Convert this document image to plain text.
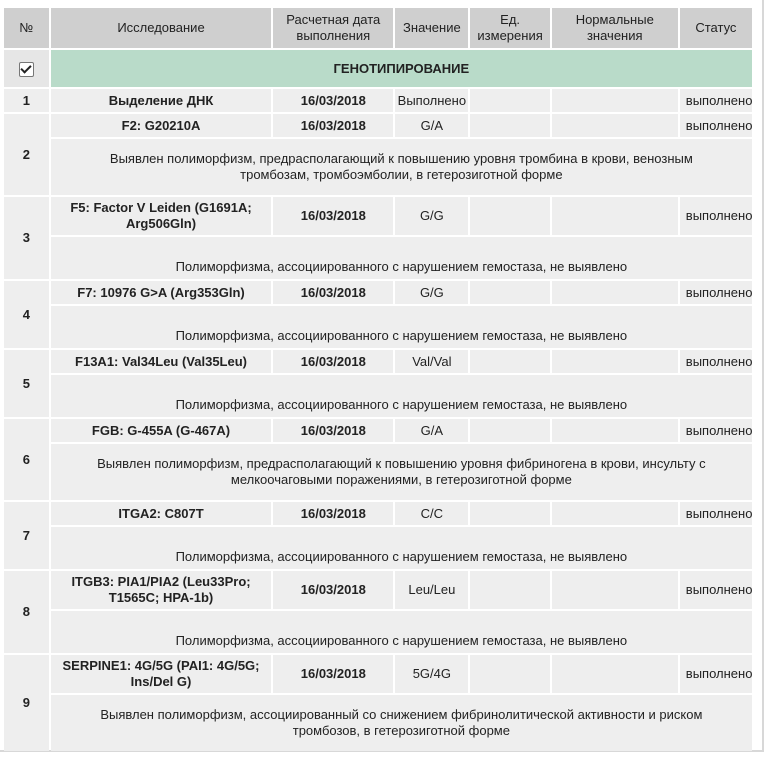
№	Исследование	Расчетная дата выполнения	Значение	Ед. измерения	Нормальные значения	Статус
	ГЕНОТИПИРОВАНИЕ					
1	Выделение ДНК	16/03/2018	Выполнено			выполнено
2	F2: G20210A	16/03/2018	G/A			выполнено
	Выявлен полиморфизм, предрасполагающий к повышению уровня тромбина в крови, венозным тромбозам, тромбоэмболии, в гетерозиготной форме					
3	F5: Factor V Leiden (G1691A; Arg506Gln)	16/03/2018	G/G			выполнено
	Полиморфизма, ассоциированного с нарушением гемостаза, не выявлено					
4	F7: 10976 G>A (Arg353Gln)	16/03/2018	G/G			выполнено
	Полиморфизма, ассоциированного с нарушением гемостаза, не выявлено					
5	F13A1: Val34Leu (Val35Leu)	16/03/2018	Val/Val			выполнено
	Полиморфизма, ассоциированного с нарушением гемостаза, не выявлено					
6	FGB: G-455A (G-467A)	16/03/2018	G/A			выполнено
	Выявлен полиморфизм, предрасполагающий к повышению уровня фибриногена в крови, инсульту с мелкоочаговыми поражениями, в гетерозиготной форме					
7	ITGA2: C807T	16/03/2018	C/C			выполнено
	Полиморфизма, ассоциированного с нарушением гемостаза, не выявлено					
8	ITGB3: PIA1/PIA2 (Leu33Pro; T1565C; HPA-1b)	16/03/2018	Leu/Leu			выполнено
	Полиморфизма, ассоциированного с нарушением гемостаза, не выявлено					
9	SERPINE1: 4G/5G (PAI1: 4G/5G; Ins/Del G)	16/03/2018	5G/4G			выполнено
	Выявлен полиморфизм, ассоциированный со снижением фибринолитической активности и риском тромбозов, в гетерозиготной форме					
